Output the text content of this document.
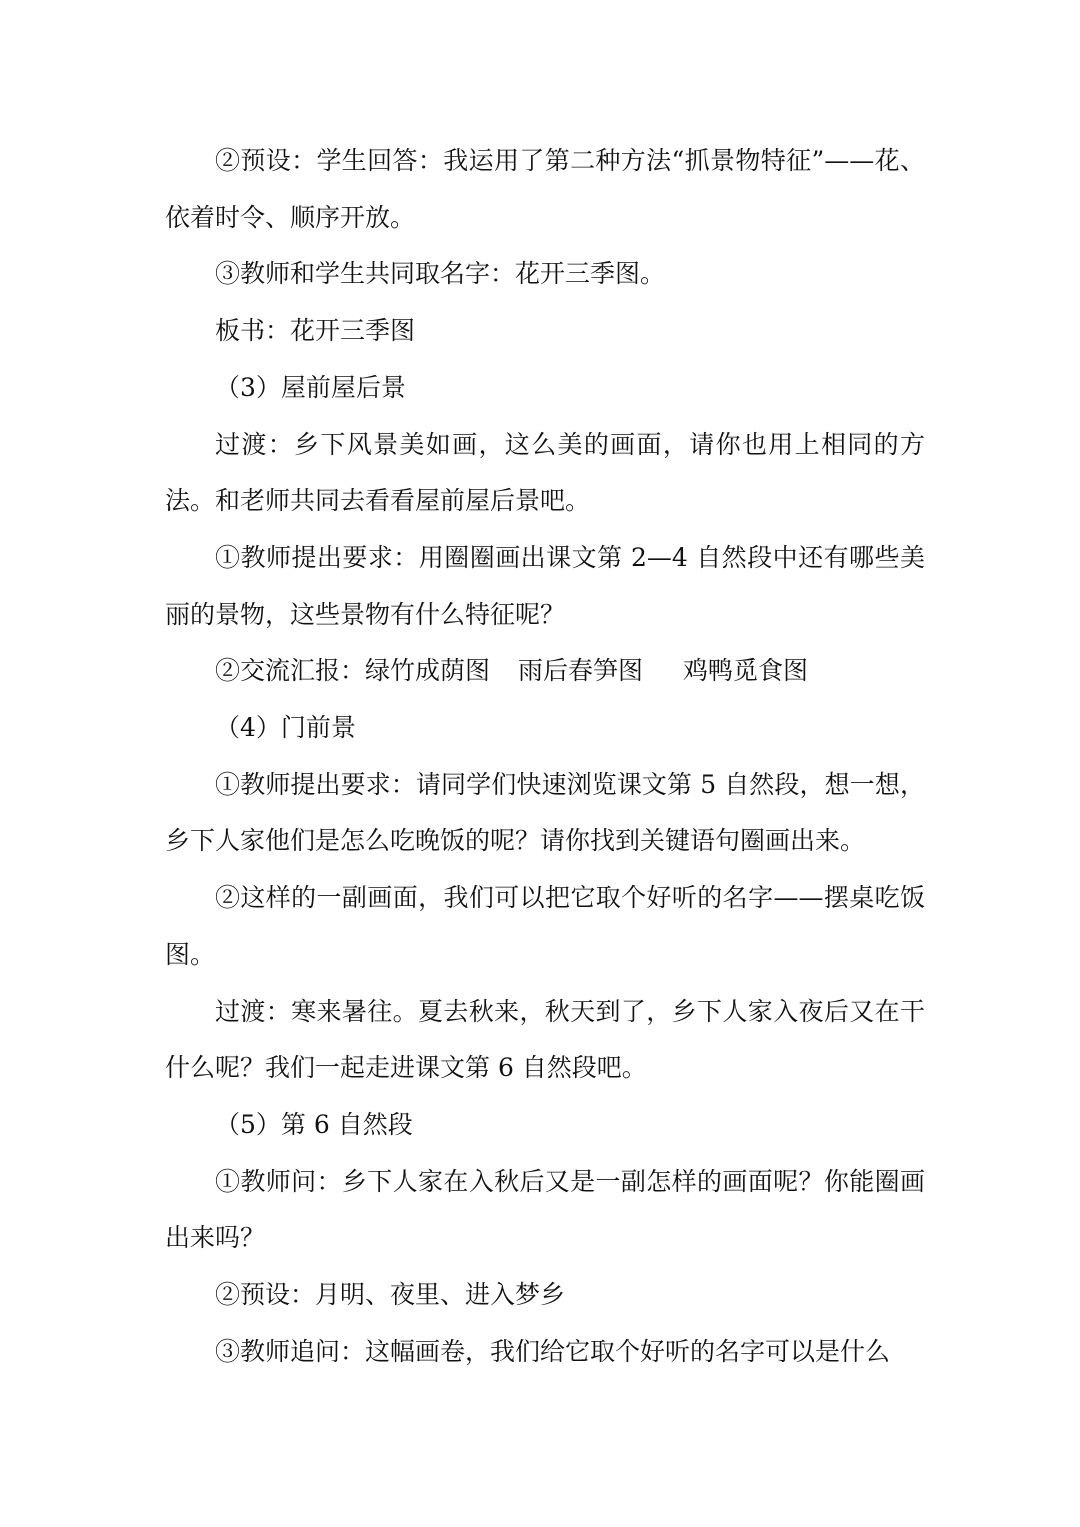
②预设：学生回答：我运用了第二种方法“抓景物特征”——花、依着时令、顺序开放。

③教师和学生共同取名字：花开三季图。

板书：花开三季图

（3）屋前屋后景

过渡：乡下风景美如画，这么美的画面，请你也用上相同的方法。和老师共同去看看屋前屋后景吧。

①教师提出要求：用圈圈画出课文第 2—4 自然段中还有哪些美丽的景物，这些景物有什么特征呢？

②交流汇报：绿竹成荫图 雨后春笋图 鸡鸭觅食图

（4）门前景

①教师提出要求：请同学们快速浏览课文第 5 自然段，想一想，乡下人家他们是怎么吃晚饭的呢？请你找到关键语句圈画出来。

②这样的一副画面，我们可以把它取个好听的名字——摆桌吃饭图。

过渡：寒来暑往。夏去秋来，秋天到了，乡下人家入夜后又在干什么呢？我们一起走进课文第 6 自然段吧。

（5）第 6 自然段

①教师问：乡下人家在入秋后又是一副怎样的画面呢？你能圈画出来吗？

②预设：月明、夜里、进入梦乡

③教师追问：这幅画卷，我们给它取个好听的名字可以是什么
